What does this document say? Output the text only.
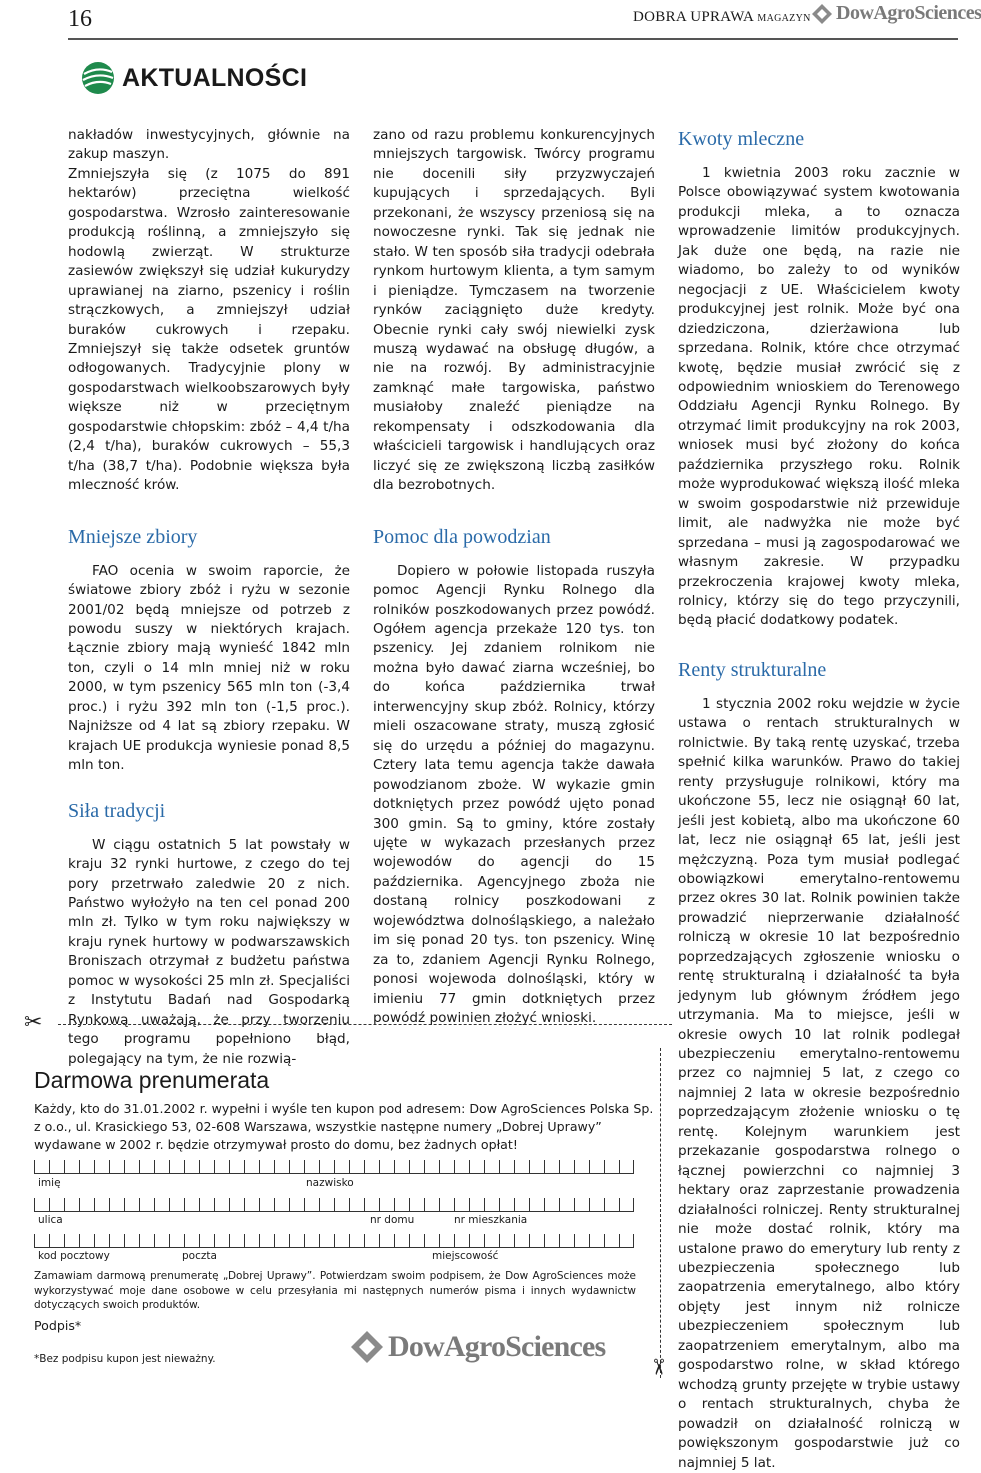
16	DOBRA UPRAWA MAGAZYN DowAgroSciences
AKTUALNOŚCI

nakładów inwestycyjnych, głównie na zakup maszyn.

Zmniejszyła się (z 1075 do 891 hektarów) przeciętna wielkość gospodarstwa. Wzrosło zainteresowanie produkcją roślinną, a zmniejszyło się hodowlą zwierząt. W strukturze zasiewów zwiększył się udział kukurydzy uprawianej na ziarno, pszenicy i roślin strączkowych, a zmniejszył udział buraków cukrowych i rzepaku. Zmniejszył się także odsetek gruntów odłogowanych. Tradycyjnie plony w gospodarstwach wielkoobszarowych były większe niż w przeciętnym gospodarstwie chłopskim: zbóż – 4,4 t/ha (2,4 t/ha), buraków cukrowych – 55,3 t/ha (38,7 t/ha). Podobnie większa była mleczność krów.

Mniejsze zbiory

FAO ocenia w swoim raporcie, że światowe zbiory zbóż i ryżu w sezonie 2001/02 będą mniejsze od potrzeb z powodu suszy w niektórych krajach. Łącznie zbiory mają wynieść 1842 mln ton, czyli o 14 mln mniej niż w roku 2000, w tym pszenicy 565 mln ton (-3,4 proc.) i ryżu 392 mln ton (-1,5 proc.). Najniższe od 4 lat są zbiory rzepaku. W krajach UE produkcja wyniesie ponad 8,5 mln ton.

Siła tradycji

W ciągu ostatnich 5 lat powstały w kraju 32 rynki hurtowe, z czego do tej pory przetrwało zaledwie 20 z nich. Państwo wyłożyło na ten cel ponad 200 mln zł. Tylko w tym roku największy w kraju rynek hurtowy w podwarszawskich Broniszach otrzymał z budżetu państwa pomoc w wysokości 25 mln zł. Specjaliści z Instytutu Badań nad Gospodarką Rynkową uważają, że przy tworzeniu tego programu popełniono błąd, polegający na tym, że nie rozwią-

zano od razu problemu konkurencyjnych mniejszych targowisk. Twórcy programu nie docenili siły przyzwyczajeń kupujących i sprzedających. Byli przekonani, że wszyscy przeniosą się na nowoczesne rynki. Tak się jednak nie stało. W ten sposób siła tradycji odebrała rynkom hurtowym klienta, a tym samym i pieniądze. Tymczasem na tworzenie rynków zaciągnięto duże kredyty. Obecnie rynki cały swój niewielki zysk muszą wydawać na obsługę długów, a nie na rozwój. By administracyjnie zamknąć małe targowiska, państwo musiałoby znaleźć pieniądze na rekompensaty i odszkodowania dla właścicieli targowisk i handlujących oraz liczyć się ze zwiększoną liczbą zasiłków dla bezrobotnych.

Pomoc dla powodzian

Dopiero w połowie listopada ruszyła pomoc Agencji Rynku Rolnego dla rolników poszkodowanych przez powódź. Ogółem agencja przekaże 120 tys. ton pszenicy. Jej zdaniem rolnikom nie można było dawać ziarna wcześniej, bo do końca października trwał interwencyjny skup zbóż. Rolnicy, którzy mieli oszacowane straty, muszą zgłosić się do urzędu a później do magazynu. Cztery lata temu agencja także dawała powodzianom zboże. W wykazie gmin dotkniętych przez powódź ujęto ponad 300 gmin. Są to gminy, które zostały ujęte w wykazach przesłanych przez wojewodów do agencji do 15 października. Agencyjnego zboża nie dostaną rolnicy poszkodowani z województwa dolnośląskiego, a należało im się ponad 20 tys. ton pszenicy. Winę za to, zdaniem Agencji Rynku Rolnego, ponosi wojewoda dolnośląski, który w imieniu 77 gmin dotkniętych przez powódź powinien złożyć wnioski.

Kwoty mleczne

1 kwietnia 2003 roku zacznie w Polsce obowiązywać system kwotowania produkcji mleka, a to oznacza wprowadzenie limitów produkcyjnych. Jak duże one będą, na razie nie wiadomo, bo zależy to od wyników negocjacji z UE. Właścicielem kwoty produkcyjnej jest rolnik. Może być ona dziedziczona, dzierżawiona lub sprzedana. Rolnik, które chce otrzymać kwotę, będzie musiał zwrócić się z odpowiednim wnioskiem do Terenowego Oddziału Agencji Rynku Rolnego. By otrzymać limit produkcyjny na rok 2003, wniosek musi być złożony do końca października przyszłego roku. Rolnik może wyprodukować większą ilość mleka w swoim gospodarstwie niż przewiduje limit, ale nadwyżka nie może być sprzedana – musi ją zagospodarować we własnym zakresie. W przypadku przekroczenia krajowej kwoty mleka, rolnicy, którzy się do tego przyczynili, będą płacić dodatkowy podatek.

Renty strukturalne

1 stycznia 2002 roku wejdzie w życie ustawa o rentach strukturalnych w rolnictwie. By taką rentę uzyskać, trzeba spełnić kilka warunków. Prawo do takiej renty przysługuje rolnikowi, który ma ukończone 55, lecz nie osiągnął 60 lat, jeśli jest kobietą, albo ma ukończone 60 lat, lecz nie osiągnął 65 lat, jeśli jest mężczyzną. Poza tym musiał podlegać obowiązkowi emerytalno-rentowemu przez okres 30 lat. Rolnik powinien także prowadzić nieprzerwanie działalność rolniczą w okresie 10 lat bezpośrednio poprzedzających zgłoszenie wniosku o rentę strukturalną i działalność ta była jedynym lub głównym źródłem jego utrzymania. Ma to miejsce, jeśli w okresie owych 10 lat rolnik podlegał ubezpieczeniu emerytalno-rentowemu przez co najmniej 5 lat, z czego co najmniej 2 lata w okresie bezpośrednio poprzedzającym złożenie wniosku o tę rentę. Kolejnym warunkiem jest przekazanie gospodarstwa rolnego o łącznej powierzchni co najmniej 3 hektary oraz zaprzestanie prowadzenia działalności rolniczej. Renty strukturalnej nie może dostać rolnik, który ma ustalone prawo do emerytury lub renty z ubezpieczenia społecznego lub zaopatrzenia emerytalnego, albo który objęty jest innym niż rolnicze ubezpieczeniem społecznym lub zaopatrzeniem emerytalnym, albo ma gospodarstwo rolne, w skład którego wchodzą grunty przejęte w trybie ustawy o rentach strukturalnych, chyba że powadził on działalność rolniczą w powiększonym gospodarstwie już co najmniej 5 lat.

✂
✂
Darmowa prenumerata
Każdy, kto do 31.01.2002 r. wypełni i wyśle ten kupon pod adresem: Dow AgroSciences Polska Sp. z o.o., ul. Krasickiego 53, 02-608 Warszawa, wszystkie następne numery „Dobrej Uprawy” wydawane w 2002 r. będzie otrzymywał prosto do domu, bez żadnych opłat!
imię	nazwisko
ulica	nr domu	nr mieszkania
kod pocztowy	poczta	miejscowość
Zamawiam darmową prenumeratę „Dobrej Uprawy”. Potwierdzam swoim podpisem, że Dow AgroSciences może wykorzystywać moje dane osobowe w celu przesyłania mi następnych numerów pisma i innych wydawnictw dotyczących swoich produktów.
Podpis*
*Bez podpisu kupon jest nieważny.	DowAgroSciences
